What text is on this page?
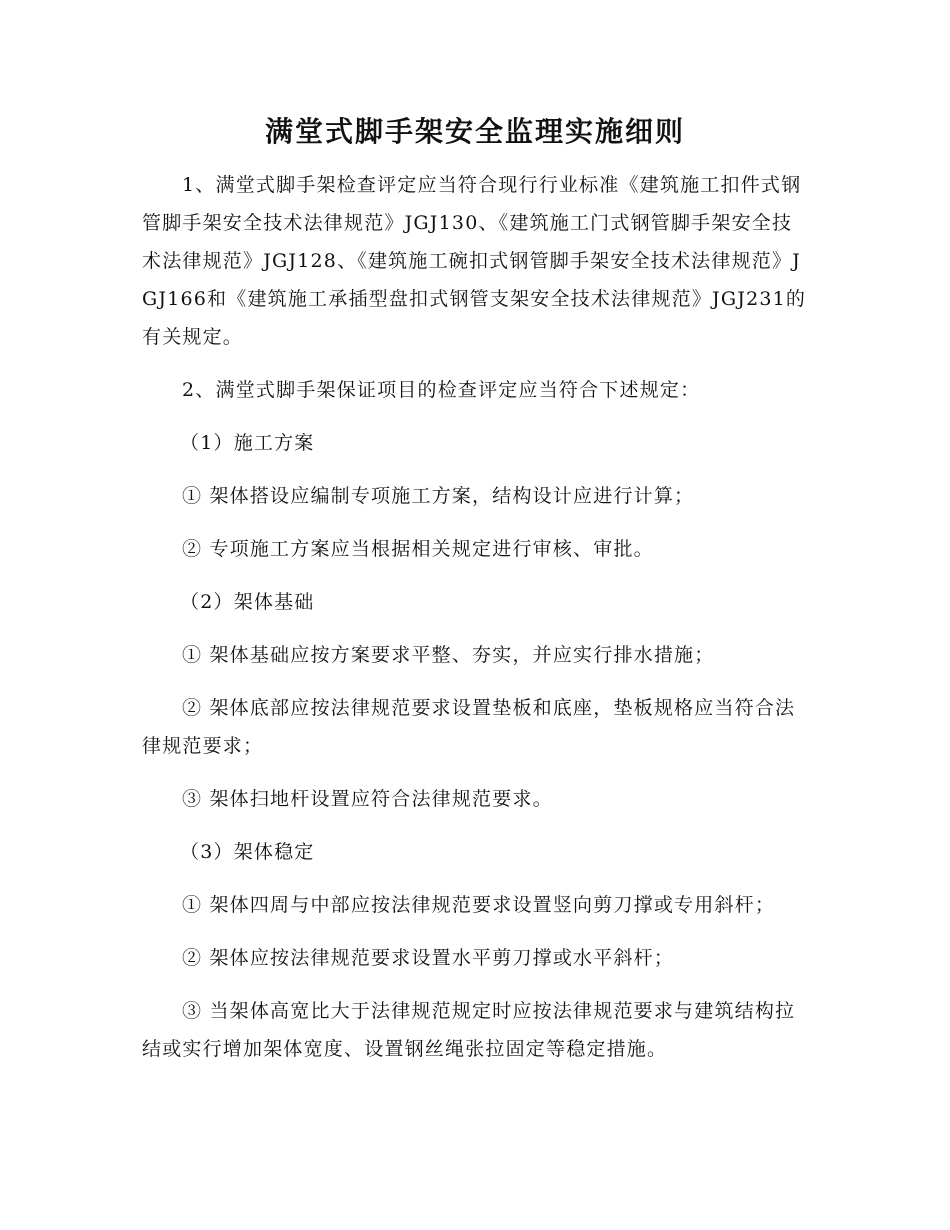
满堂式脚手架安全监理实施细则

1、满堂式脚手架检查评定应当符合现行行业标准《建筑施工扣件式钢管脚手架安全技术法律规范》JGJ130、《建筑施工门式钢管脚手架安全技术法律规范》JGJ128、《建筑施工碗扣式钢管脚手架安全技术法律规范》JGJ166和《建筑施工承插型盘扣式钢管支架安全技术法律规范》JGJ231的有关规定。

2、满堂式脚手架保证项目的检查评定应当符合下述规定：

（1）施工方案

① 架体搭设应编制专项施工方案，结构设计应进行计算；

② 专项施工方案应当根据相关规定进行审核、审批。

（2）架体基础

① 架体基础应按方案要求平整、夯实，并应实行排水措施；

② 架体底部应按法律规范要求设置垫板和底座，垫板规格应当符合法律规范要求；

③ 架体扫地杆设置应符合法律规范要求。

（3）架体稳定

① 架体四周与中部应按法律规范要求设置竖向剪刀撑或专用斜杆；

② 架体应按法律规范要求设置水平剪刀撑或水平斜杆；

③ 当架体高宽比大于法律规范规定时应按法律规范要求与建筑结构拉结或实行增加架体宽度、设置钢丝绳张拉固定等稳定措施。
